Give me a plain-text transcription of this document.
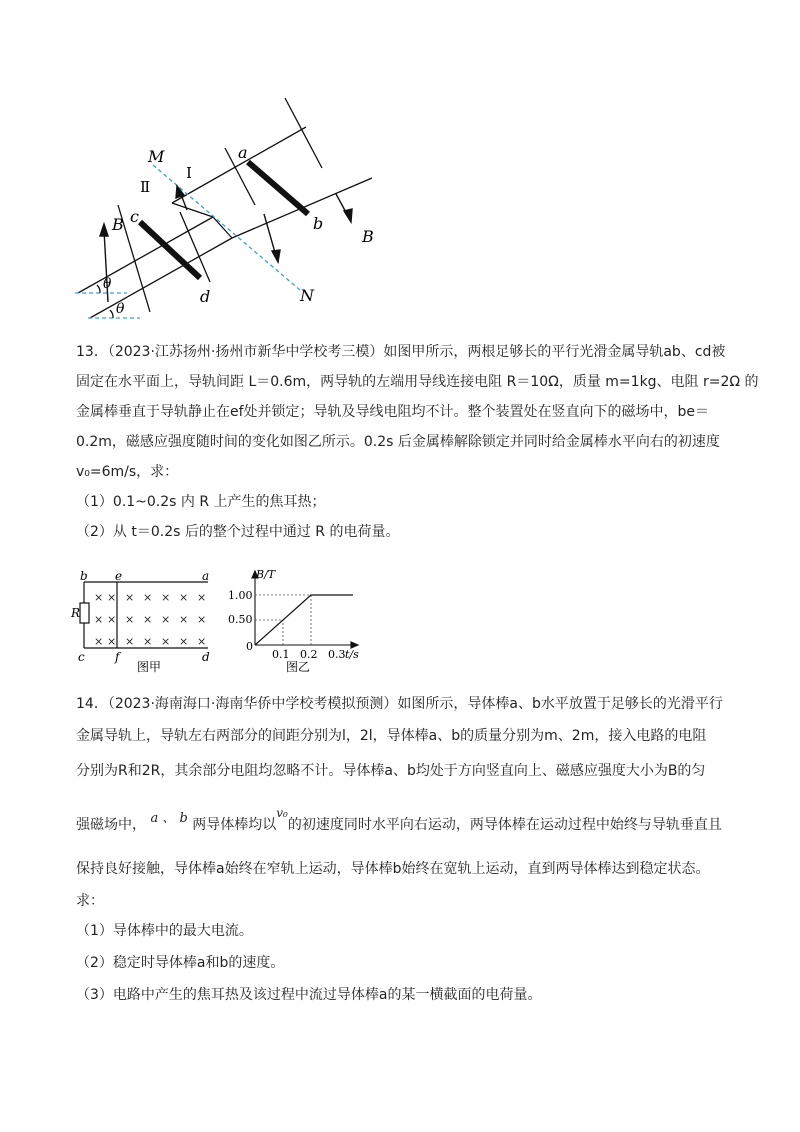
M
N
Ⅰ
Ⅱ
a
b
c
d
B
B
θ
θ
13．（2023·江苏扬州·扬州市新华中学校考三模）如图甲所示，两根足够长的平行光滑金属导轨ab、cd被
固定在水平面上，导轨间距 L＝0.6m，两导轨的左端用导线连接电阻 R＝10Ω，质量 m=1kg、电阻 r=2Ω 的
金属棒垂直于导轨静止在ef处并锁定；导轨及导线电阻均不计。整个装置处在竖直向下的磁场中，be＝
0.2m，磁感应强度随时间的变化如图乙所示。0.2s 后金属棒解除锁定并同时给金属棒水平向右的初速度
v₀=6m/s，求：
（1）0.1~0.2s 内 R 上产生的焦耳热；
（2）从 t＝0.2s 后的整个过程中通过 R 的电荷量。
× × × × × × ×
× × × × × × ×
× × × × × × ×
b e	a
R
c	f	d
图甲
B/T
t/s
0
1.00
0.50
0.1 0.2 0.3
图乙
14．（2023·海南海口·海南华侨中学校考模拟预测）如图所示，导体棒a、b水平放置于足够长的光滑平行
金属导轨上，导轨左右两部分的间距分别为l，2l，导体棒a、b的质量分别为m、2m，接入电路的电阻
分别为R和2R，其余部分电阻均忽略不计。导体棒a、b均处于方向竖直向上、磁感应强度大小为B的匀
强磁场中， a 、 b 两导体棒均以v₀的初速度同时水平向右运动，两导体棒在运动过程中始终与导轨垂直且
保持良好接触，导体棒a始终在窄轨上运动，导体棒b始终在宽轨上运动，直到两导体棒达到稳定状态。
求：
（1）导体棒中的最大电流。
（2）稳定时导体棒a和b的速度。
（3）电路中产生的焦耳热及该过程中流过导体棒a的某一横截面的电荷量。
